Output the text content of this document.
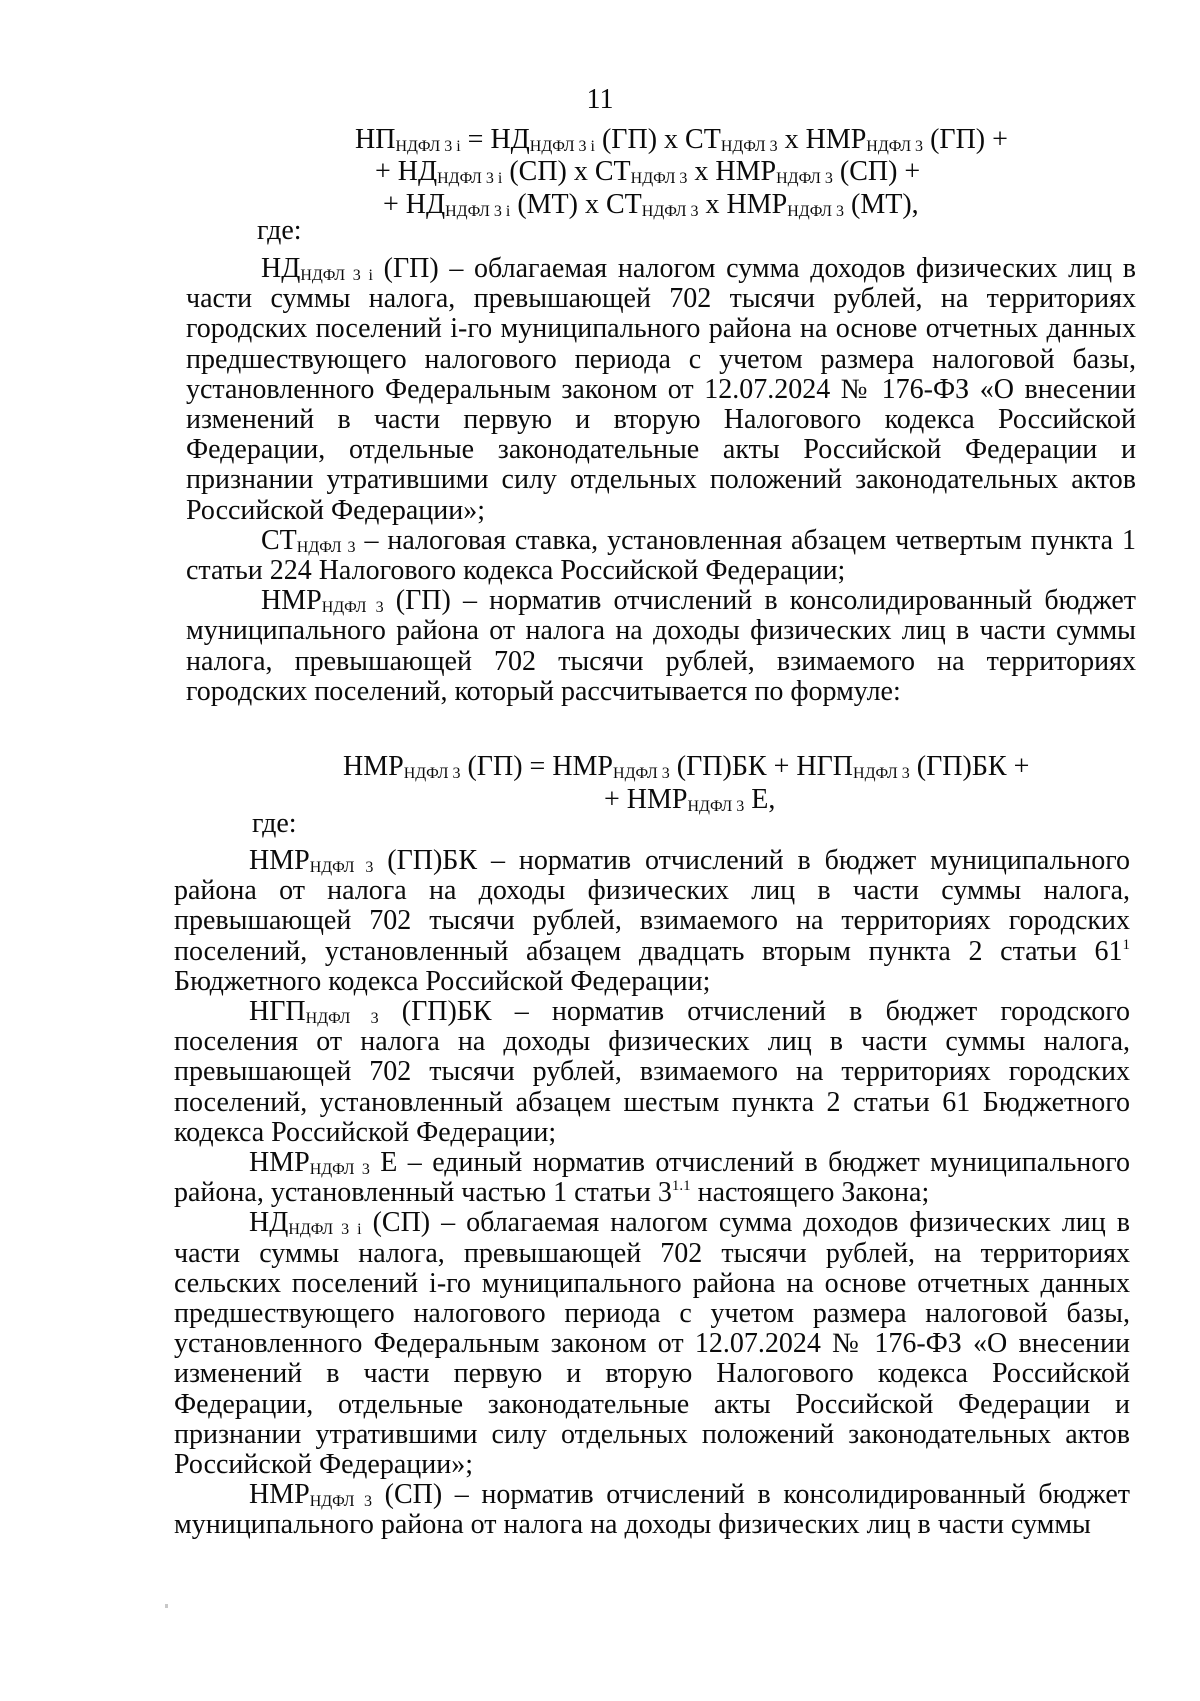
11
$НП_{НДФЛ 3 i} = НД_{НДФЛ 3 i}$ (ГП) х $СТ_{НДФЛ 3}$ х $НМР_{НДФЛ 3}$ (ГП) +
+ $НД_{НДФЛ 3 i}$ (СП) х $СТ_{НДФЛ 3}$ х $НМР_{НДФЛ 3}$ (СП) +
+ $НД_{НДФЛ 3 i}$ (МТ) х $СТ_{НДФЛ 3}$ х $НМР_{НДФЛ 3}$ (МТ),
где:

$НД_{НДФЛ 3 i}$ (ГП) – облагаемая налогом сумма доходов физических лиц в части суммы налога, превышающей 702 тысячи рублей, на территориях городских поселений i-го муниципального района на основе отчетных данных предшествующего налогового периода с учетом размера налоговой базы, установленного Федеральным законом от 12.07.2024 № 176-ФЗ «О внесении изменений в части первую и вторую Налогового кодекса Российской Федерации, отдельные законодательные акты Российской Федерации и признании утратившими силу отдельных положений законодательных актов Российской Федерации»;

$СТ_{НДФЛ 3}$ – налоговая ставка, установленная абзацем четвертым пункта 1 статьи 224 Налогового кодекса Российской Федерации;

$НМР_{НДФЛ 3}$ (ГП) – норматив отчислений в консолидированный бюджет муниципального района от налога на доходы физических лиц в части суммы налога, превышающей 702 тысячи рублей, взимаемого на территориях городских поселений, который рассчитывается по формуле:

$НМР_{НДФЛ 3}$ $(ГП) = НМР_{НДФЛ 3}$ $(ГП)БК + НГП_{НДФЛ 3}$ (ГП)БК +
+ $НМР_{НДФЛ 3}$ Е,
где:

$НМР_{НДФЛ 3}$ (ГП)БК – норматив отчислений в бюджет муниципального района от налога на доходы физических лиц в части суммы налога, превышающей 702 тысячи рублей, взимаемого на территориях городских поселений, установленный абзацем двадцать вторым пункта 2 статьи $61^1$ Бюджетного кодекса Российской Федерации;

$НГП_{НДФЛ 3}$ (ГП)БК – норматив отчислений в бюджет городского поселения от налога на доходы физических лиц в части суммы налога, превышающей 702 тысячи рублей, взимаемого на территориях городских поселений, установленный абзацем шестым пункта 2 статьи 61 Бюджетного кодекса Российской Федерации;

$НМР_{НДФЛ 3}$ Е – единый норматив отчислений в бюджет муниципального района, установленный частью 1 статьи $3^{1.1}$ настоящего Закона;

$НД_{НДФЛ 3 i}$ (СП) – облагаемая налогом сумма доходов физических лиц в части суммы налога, превышающей 702 тысячи рублей, на территориях сельских поселений i-го муниципального района на основе отчетных данных предшествующего налогового периода с учетом размера налоговой базы, установленного Федеральным законом от 12.07.2024 № 176-ФЗ «О внесении изменений в части первую и вторую Налогового кодекса Российской Федерации, отдельные законодательные акты Российской Федерации и признании утратившими силу отдельных положений законодательных актов Российской Федерации»;

$НМР_{НДФЛ 3}$ (СП) – норматив отчислений в консолидированный бюджет муниципального района от налога на доходы физических лиц в части суммы
